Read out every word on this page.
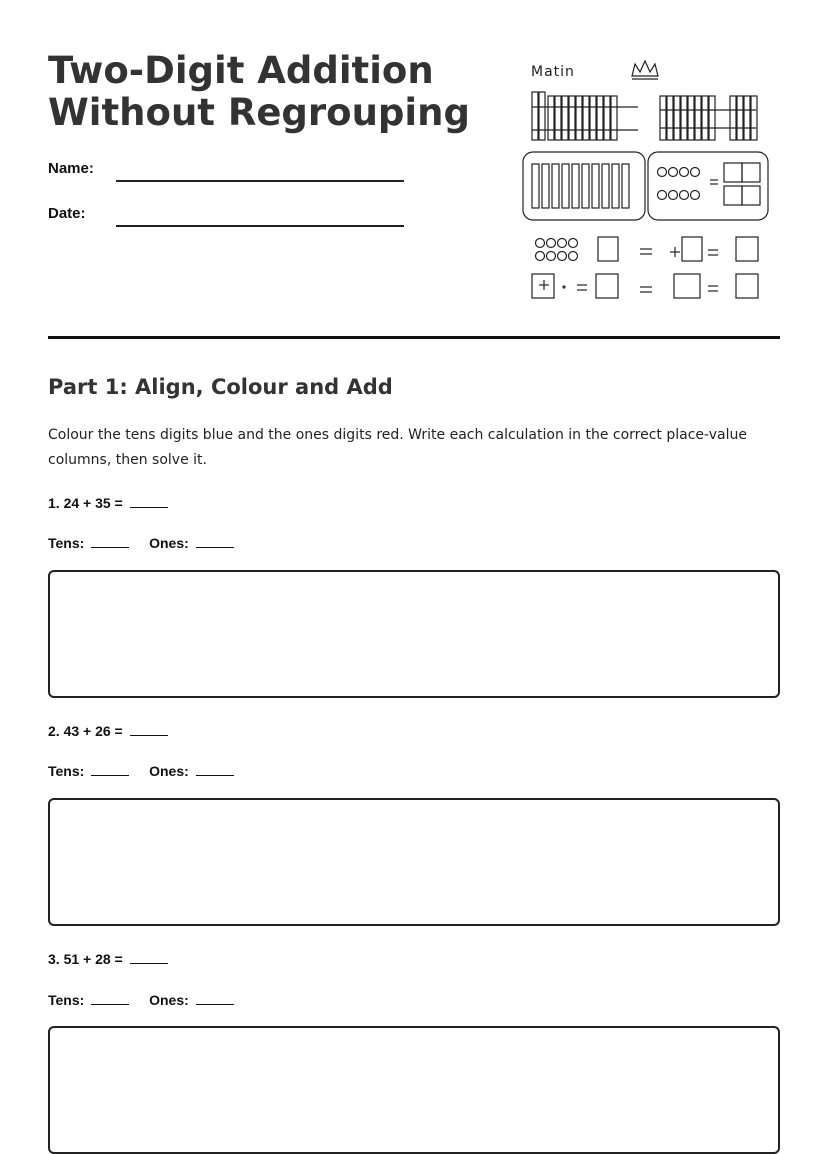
Two-Digit Addition
Without Regrouping
Name:
Date:
Matin
Part 1: Align, Colour and Add

Colour the tens digits blue and the ones digits red. Write each calculation in the correct place-value columns, then solve it.

1. 24 + 35 =
Tens:	Ones:
2. 43 + 26 =
Tens:	Ones:
3. 51 + 28 =
Tens:	Ones:
